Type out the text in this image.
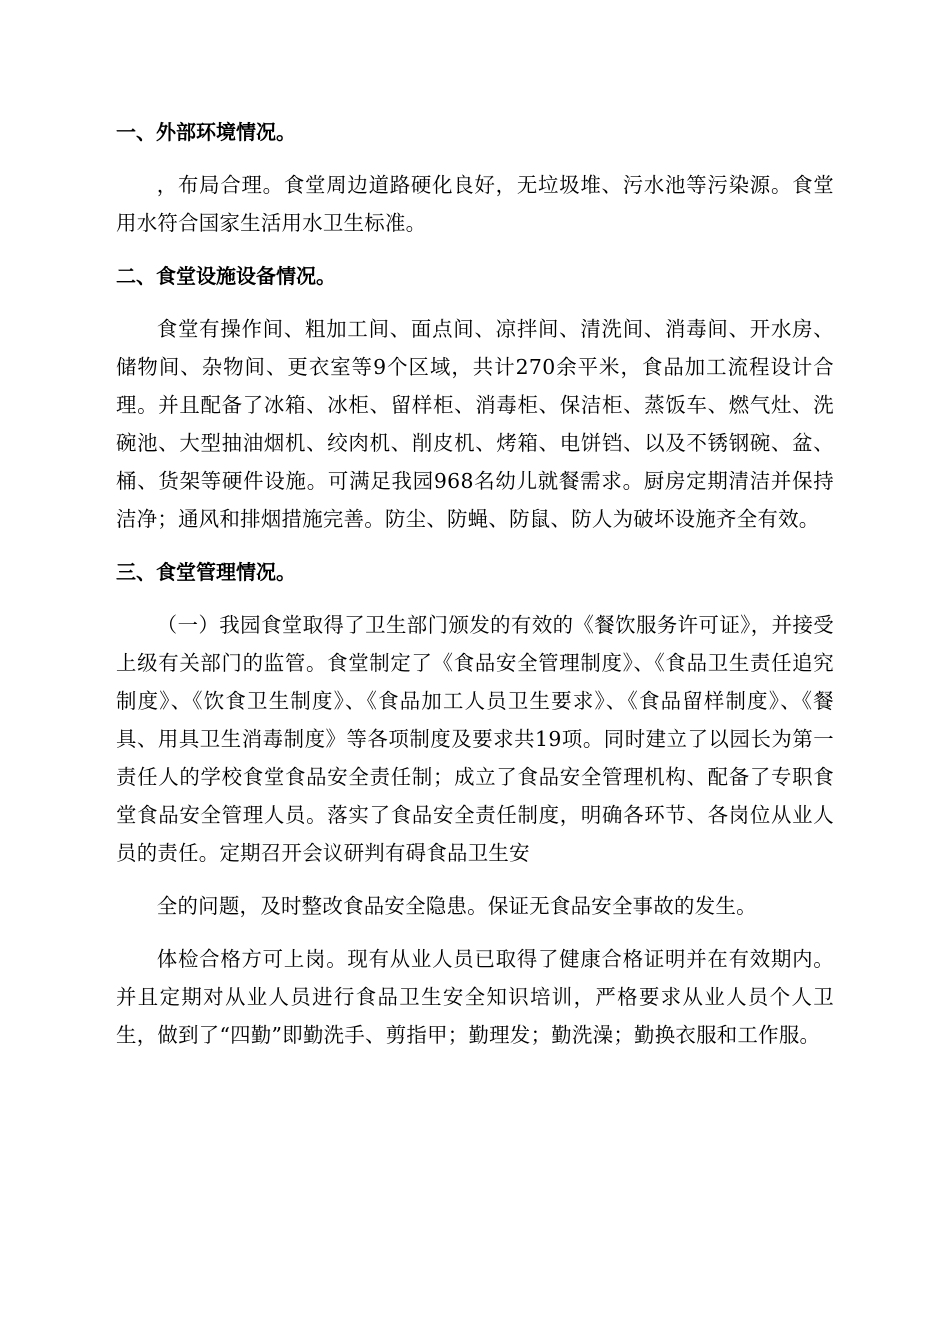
一、外部环境情况。
，布局合理。食堂周边道路硬化良好，无垃圾堆、污水池等污染源。食堂用水符合国家生活用水卫生标准。
二、食堂设施设备情况。
食堂有操作间、粗加工间、面点间、凉拌间、清洗间、消毒间、开水房、储物间、杂物间、更衣室等9个区域，共计270余平米，食品加工流程设计合理。并且配备了冰箱、冰柜、留样柜、消毒柜、保洁柜、蒸饭车、燃气灶、洗碗池、大型抽油烟机、绞肉机、削皮机、烤箱、电饼铛、以及不锈钢碗、盆、桶、货架等硬件设施。可满足我园968名幼儿就餐需求。厨房定期清洁并保持洁净；通风和排烟措施完善。防尘、防蝇、防鼠、防人为破坏设施齐全有效。
三、食堂管理情况。
（一）我园食堂取得了卫生部门颁发的有效的《餐饮服务许可证》，并接受上级有关部门的监管。食堂制定了《食品安全管理制度》、《食品卫生责任追究制度》、《饮食卫生制度》、《食品加工人员卫生要求》、《食品留样制度》、《餐具、用具卫生消毒制度》等各项制度及要求共19项。同时建立了以园长为第一责任人的学校食堂食品安全责任制；成立了食品安全管理机构、配备了专职食堂食品安全管理人员。落实了食品安全责任制度，明确各环节、各岗位从业人员的责任。定期召开会议研判有碍食品卫生安
全的问题，及时整改食品安全隐患。保证无食品安全事故的发生。
体检合格方可上岗。现有从业人员已取得了健康合格证明并在有效期内。并且定期对从业人员进行食品卫生安全知识培训，严格要求从业人员个人卫生，做到了“四勤”即勤洗手、剪指甲；勤理发；勤洗澡；勤换衣服和工作服。
